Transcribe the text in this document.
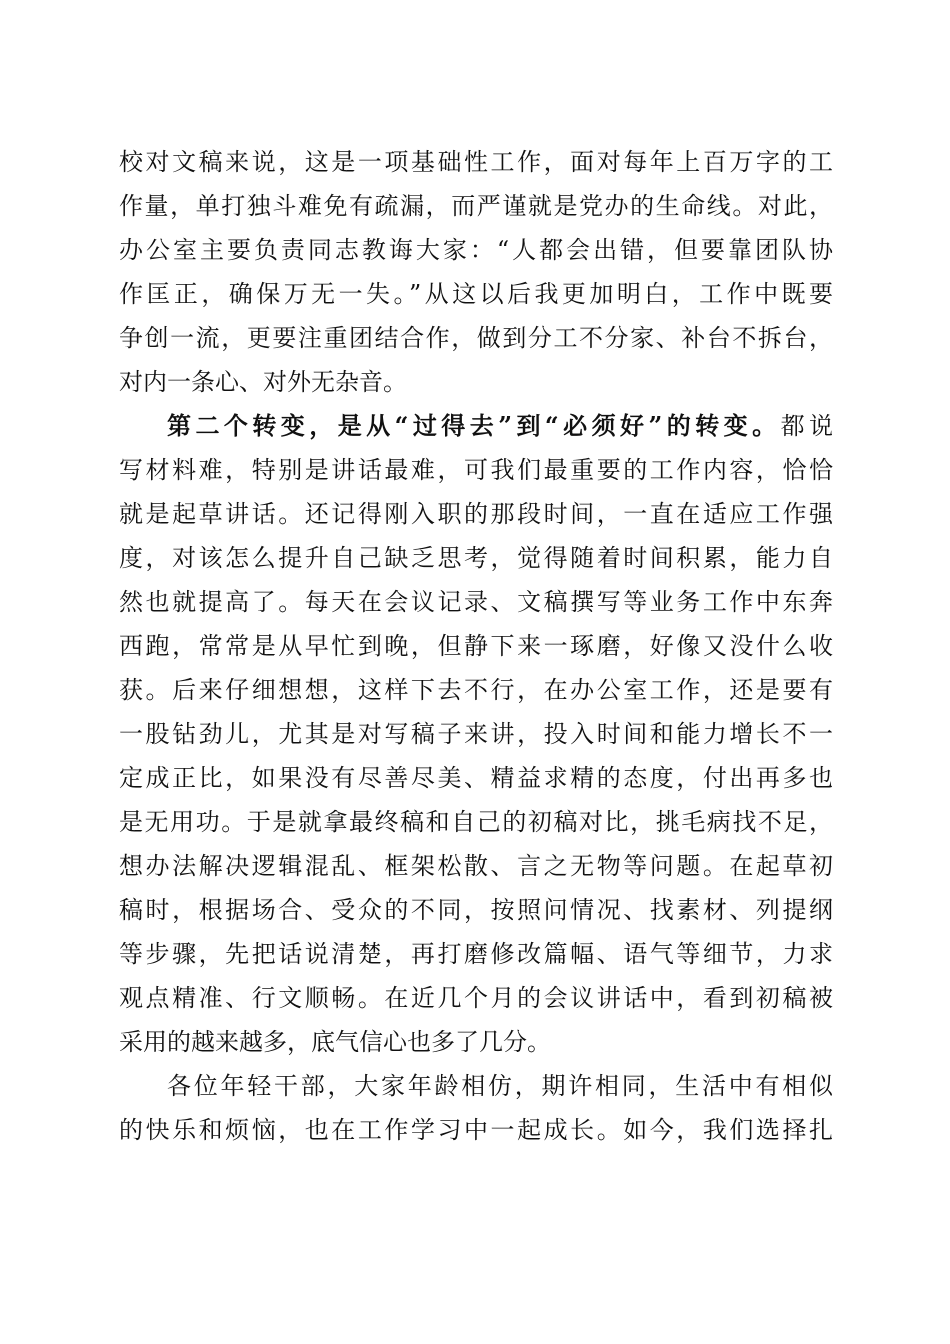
校对文稿来说，这是一项基础性工作，面对每年上百万字的工
作量，单打独斗难免有疏漏，而严谨就是党办的生命线。对此，
办公室主要负责同志教诲大家：“人都会出错，但要靠团队协
作匡正，确保万无一失。”从这以后我更加明白，工作中既要
争创一流，更要注重团结合作，做到分工不分家、补台不拆台，
对内一条心、对外无杂音。
第二个转变，是从“过得去”到“必须好”的转变。都说
写材料难，特别是讲话最难，可我们最重要的工作内容，恰恰
就是起草讲话。还记得刚入职的那段时间，一直在适应工作强
度，对该怎么提升自己缺乏思考，觉得随着时间积累，能力自
然也就提高了。每天在会议记录、文稿撰写等业务工作中东奔
西跑，常常是从早忙到晚，但静下来一琢磨，好像又没什么收
获。后来仔细想想，这样下去不行，在办公室工作，还是要有
一股钻劲儿，尤其是对写稿子来讲，投入时间和能力增长不一
定成正比，如果没有尽善尽美、精益求精的态度，付出再多也
是无用功。于是就拿最终稿和自己的初稿对比，挑毛病找不足，
想办法解决逻辑混乱、框架松散、言之无物等问题。在起草初
稿时，根据场合、受众的不同，按照问情况、找素材、列提纲
等步骤，先把话说清楚，再打磨修改篇幅、语气等细节，力求
观点精准、行文顺畅。在近几个月的会议讲话中，看到初稿被
采用的越来越多，底气信心也多了几分。
各位年轻干部，大家年龄相仿，期许相同，生活中有相似
的快乐和烦恼，也在工作学习中一起成长。如今，我们选择扎
